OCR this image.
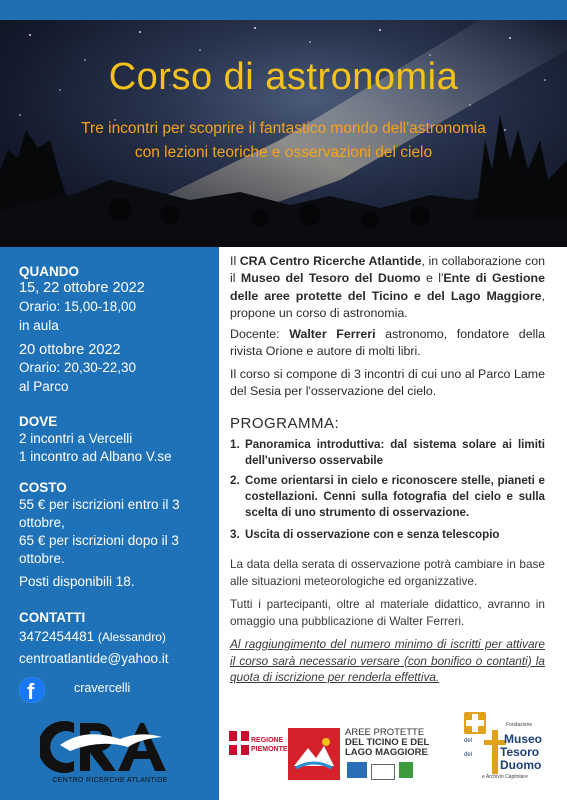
Corso di astronomia
Tre incontri per scoprire il fantastico mondo dell'astronomia
con lezioni teoriche e osservazioni del cielo
QUANDO
15, 22 ottobre 2022
Orario: 15,00-18,00
in aula
20 ottobre 2022
Orario: 20,30-22,30
al Parco
DOVE
2 incontri a Vercelli
1 incontro ad Albano V.se
COSTO
55 € per iscrizioni entro il 3
ottobre,
65 € per iscrizioni dopo il 3
ottobre.
Posti disponibili 18.
CONTATTI
3472454481 (Alessandro)
centroatlantide@yahoo.it
f	cravercelli
CENTRO RICERCHE ATLANTIDE
Il CRA Centro Ricerche Atlantide, in collaborazione con il Museo del Tesoro del Duomo e l'Ente di Gestione delle aree protette del Ticino e del Lago Maggiore, propone un corso di astronomia.
Docente: Walter Ferreri astronomo, fondatore della rivista Orione e autore di molti libri.
Il corso si compone di 3 incontri di cui uno al Parco Lame del Sesia per l'osservazione del cielo.
PROGRAMMA:
1. Panoramica introduttiva: dal sistema solare ai limiti dell'universo osservabile
2. Come orientarsi in cielo e riconoscere stelle, pianeti e costellazioni. Cenni sulla fotografia del cielo e sulla scelta di uno strumento di osservazione.
3. Uscita di osservazione con e senza telescopio
La data della serata di osservazione potrà cambiare in base alle situazioni meteorologiche ed organizzative.
Tutti i partecipanti, oltre al materiale didattico, avranno in omaggio una pubblicazione di Walter Ferreri.
Al raggiungimento del numero minimo di iscritti per attivare il corso sarà necessario versare (con bonifico o contanti) la quota di iscrizione per renderla effettiva.
REGIONE
PIEMONTE
AREE PROTETTE
DEL TICINO E DEL
LAGO MAGGIORE
Fondazione
del	Museo
del Tesoro
Duomo
e Archivio Capitolare
